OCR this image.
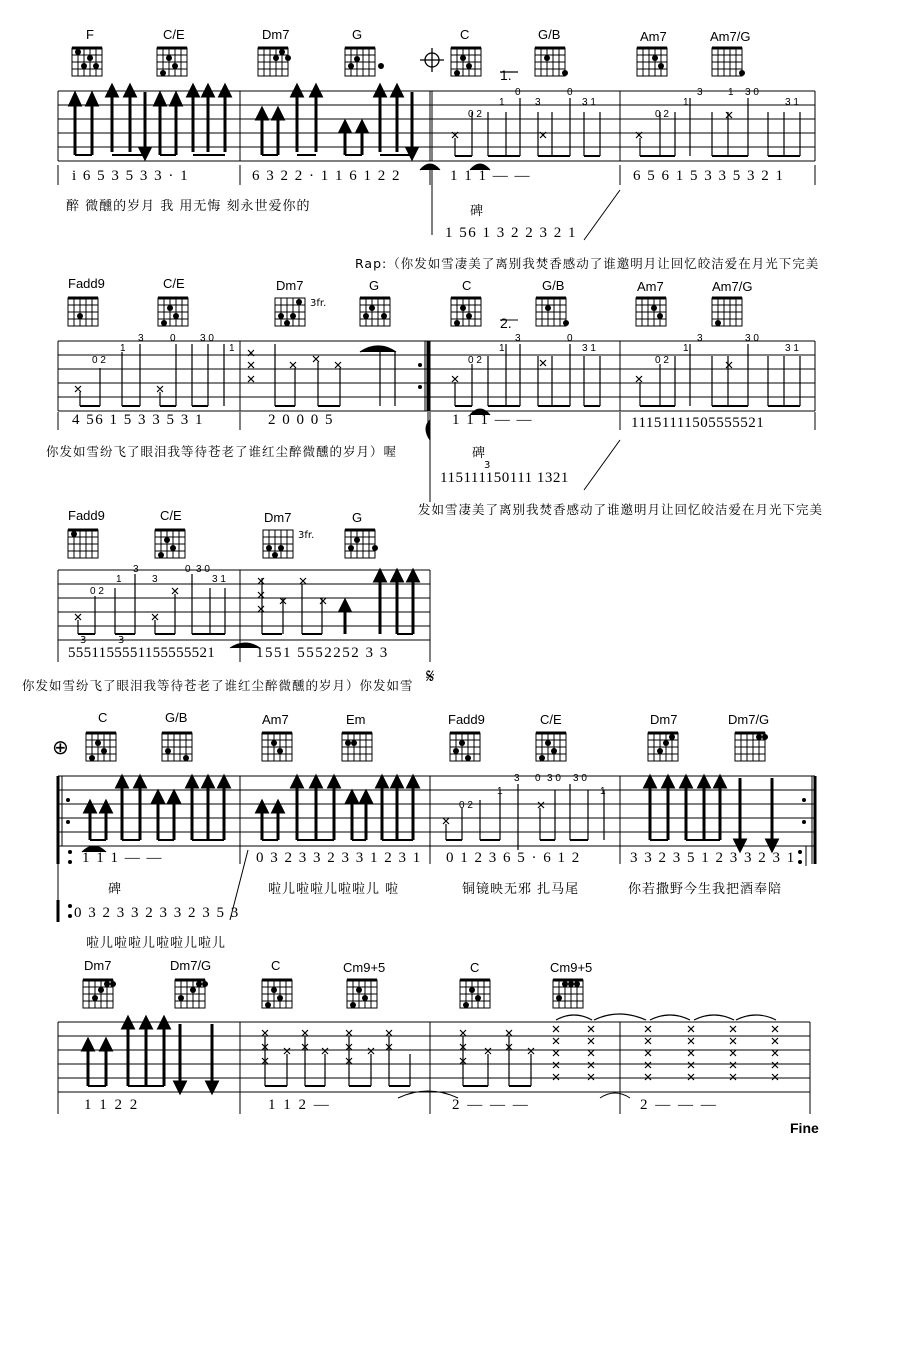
F	C/E	Dm7	G	C	G/B	Am7	Am7/G
0 2
1
0
3
0
3 1
0 2
1
3	1 3 0
3 1
1.
i 6 5 3 5 3 3 · 1	6 3 2 2 · 1 1 6 1 2 2	1 1 1 — —	6 5 6 1 5 3 3 5 3 2 1
醉 微醺的岁月 我 用无悔 刻永世爱你的	碑
1 56 1 3 2 2 3 2 1
Rap:（你发如雪凄美了离别我焚香感动了谁邀明月让回忆皎洁爱在月光下完美
Fadd9	C/E	Dm7	G	C	G/B	Am7	Am7/G
3fr.
0 2
1
3	0 3 0
1
0 2
1
3	0
3 1
0 2
1
3	3 0
3 1
2.
4 56 1 5 3 3 5 3 1	2 0 0 0 5	1 1 1 — —	11151111505555521
你发如雪纷飞了眼泪我等待苍老了谁红尘醉微醺的岁月）喔	碑
3
115111150111 1321
发如雪凄美了离别我焚香感动了谁邀明月让回忆皎洁爱在月光下完美
Fadd9	C/E	Dm7	G
3fr.
0 2
1
3
3
0 3 0
3 1
3	3
5551155551155555521	1551 5552252 3 3
你发如雪纷飞了眼泪我等待苍老了谁红尘醉微醺的岁月）你发如雪 𝄋
C	G/B	Am7	Em	Fadd9	C/E	Dm7	Dm7/G
⊕
0 2
1
3 0 3 0 3 0
1
1 1 1 — —	0 3 2 3 3 2 3 3 1 2 3 1 0 1 2 3 6 5 · 6 1 2	3 3 2 3 5 1 2 3 3 2 3 1
碑	啦儿啦啦儿啦啦儿 啦	铜镜映无邪 扎马尾	你若撒野今生我把酒奉陪
0 3 2 3 3 2 3 3 2 3 5 3
啦儿啦啦儿啦啦儿啦儿
Dm7	Dm7/G	C	Cm9+5	C	Cm9+5
1 1 2 2	1 1 2 —	2 — — —	2 — — —
Fine
